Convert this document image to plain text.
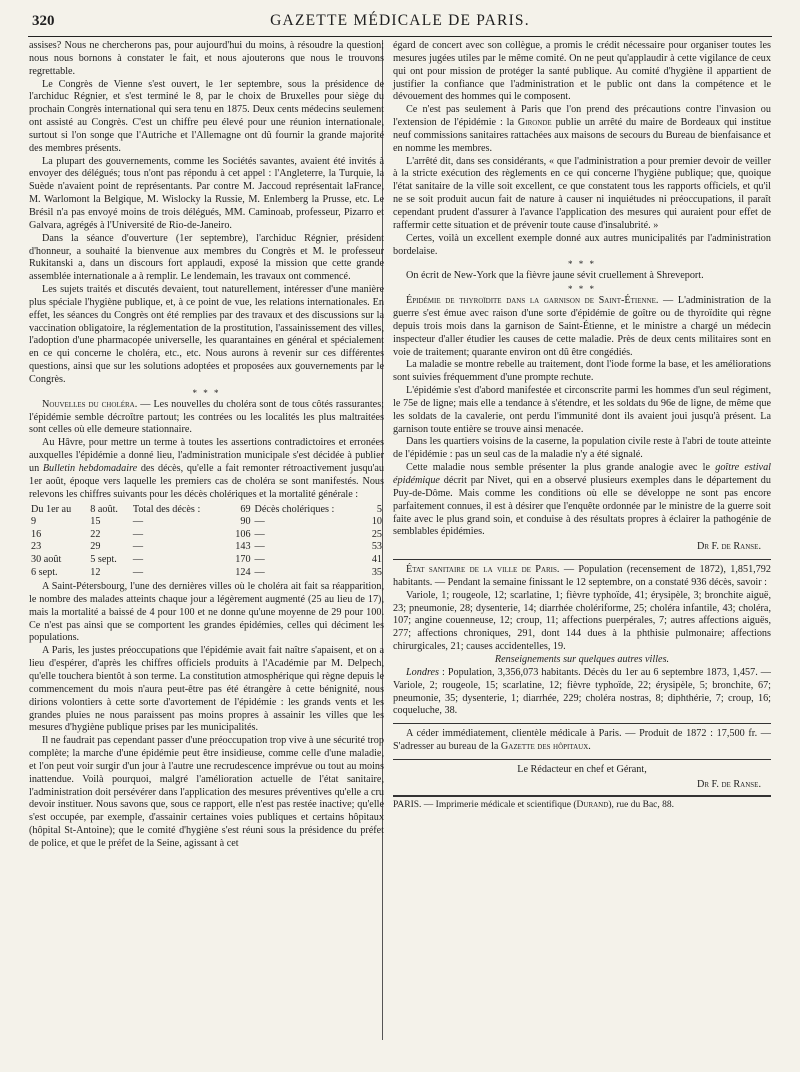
320	GAZETTE MÉDICALE DE PARIS.

assises? Nous ne chercherons pas, pour aujourd'hui du moins, à résoudre la question; nous nous bornons à constater le fait, et nous ajouterons que nous le trouvons regrettable.

Le Congrès de Vienne s'est ouvert, le 1er septembre, sous la présidence de l'archiduc Régnier, et s'est terminé le 8, par le choix de Bruxelles pour siège du prochain Congrès international qui sera tenu en 1875. Deux cents médecins seulement ont assisté au Congrès. C'est un chiffre peu élevé pour une réunion internationale, surtout si l'on songe que l'Autriche et l'Allemagne ont dû fournir la grande majorité des membres présents.

La plupart des gouvernements, comme les Sociétés savantes, avaient été invités à envoyer des délégués; tous n'ont pas répondu à cet appel : l'Angleterre, la Turquie, la Suède n'avaient point de représentants. Par contre M. Jaccoud représentait laFrance, M. Warlomont la Belgique, M. Wislocky la Russie, M. Enlemberg la Prusse, etc. Le Brésil n'a pas envoyé moins de trois délégués, MM. Caminoab, professeur, Pizarro et Galvara, agrégés à l'Université de Rio-de-Janeiro.

Dans la séance d'ouverture (1er septembre), l'archiduc Régnier, président d'honneur, a souhaité la bienvenue aux membres du Congrès et M. le professeur Rukitanski a, dans un discours fort applaudi, exposé la mission que cette grande assemblée internationale a à remplir. Le lendemain, les travaux ont commencé.

Les sujets traités et discutés devaient, tout naturellement, intéresser d'une manière plus spéciale l'hygiène publique, et, à ce point de vue, les relations internationales. En effet, les séances du Congrès ont été remplies par des travaux et des discussions sur la vaccination obligatoire, la réglementation de la prostitution, l'assainissement des villes, l'adoption d'une pharmacopée universelle, les quarantaines en général et spécialement en ce qui concerne le choléra, etc., etc. Nous aurons à revenir sur ces différentes questions, ainsi que sur les solutions adoptées et proposées aux gouvernements par le Congrès.

* * *

Nouvelles du choléra. — Les nouvelles du choléra sont de tous côtés rassurantes; l'épidémie semble décroître partout; les contrées ou les localités les plus maltraitées sont celles où elle demeure stationnaire.

Au Hâvre, pour mettre un terme à toutes les assertions contradictoires et erronées auxquelles l'épidémie a donné lieu, l'administration municipale s'est décidée à publier un Bulletin hebdomadaire des décès, qu'elle a fait remonter rétroactivement jusqu'au 1er août, époque vers laquelle les premiers cas de choléra se sont manifestés. Nous relevons les chiffres suivants pour les décès cholériques et la mortalité générale :

Du 1er au	8 août.	Total des décès :	69	Décès cholériques :	5
9	15	—	90	—	10
16	22	—	106	—	25
23	29	—	143	—	53
30 août	5 sept.	—	170	—	41
6 sept.	12	—	124	—	35

A Saint-Pétersbourg, l'une des dernières villes où le choléra ait fait sa réapparition, le nombre des malades atteints chaque jour a légèrement augmenté (25 au lieu de 17), mais la mortalité a baissé de 4 pour 100 et ne donne qu'une moyenne de 29 pour 100. Ce n'est pas ainsi que se comportent les grandes épidémies, celles qui déciment les populations.

A Paris, les justes préoccupations que l'épidémie avait fait naître s'apaisent, et on a lieu d'espérer, d'après les chiffres officiels produits à l'Académie par M. Delpech, qu'elle touchera bientôt à son terme. La constitution atmosphérique qui règne depuis le commencement du mois n'aura peut-être pas été étrangère à cette bénignité, nous dirions volontiers à cette sorte d'avortement de l'épidémie : les grands vents et les grandes pluies ne nous paraissent pas moins propres à assainir les villes que les mesures d'hygiène publique prises par les municipalités.

Il ne faudrait pas cependant passer d'une préoccupation trop vive à une sécurité trop complète; la marche d'une épidémie peut être insidieuse, comme celle d'une maladie, et l'on peut voir surgir d'un jour à l'autre une recrudescence imprévue ou tout au moins inattendue. Voilà pourquoi, malgré l'amélioration actuelle de l'état sanitaire, l'administration doit persévérer dans l'application des mesures préventives qu'elle a cru devoir instituer. Nous savons que, sous ce rapport, elle n'est pas restée inactive; qu'elle s'est occupée, par exemple, d'assainir certaines voies publiques et certains hôpitaux (hôpital St-Antoine); que le comité d'hygiène s'est réuni sous la présidence du préfet de police, et que le préfet de la Seine, agissant à cet

égard de concert avec son collègue, a promis le crédit nécessaire pour organiser toutes les mesures jugées utiles par le même comité. On ne peut qu'applaudir à cette vigilance de ceux qui ont pour mission de protéger la santé publique. Au comité d'hygiène il appartient de justifier la confiance que l'administration et le public ont dans la compétence et le dévouement des hommes qui le composent.

Ce n'est pas seulement à Paris que l'on prend des précautions contre l'invasion ou l'extension de l'épidémie : la Gironde publie un arrêté du maire de Bordeaux qui institue neuf commissions sanitaires rattachées aux maisons de secours du Bureau de bienfaisance et en nomme les membres.

L'arrêté dit, dans ses considérants, « que l'administration a pour premier devoir de veiller à la stricte exécution des règlements en ce qui concerne l'hygiène publique; que, quoique l'état sanitaire de la ville soit excellent, ce que constatent tous les rapports officiels, et qu'il ne se soit produit aucun fait de nature à causer ni inquiétudes ni préoccupations, il paraît cependant prudent d'assurer à l'avance l'application des mesures qui auraient pour effet de raffermir cette situation et de prévenir toute cause d'insalubrité. »

Certes, voilà un excellent exemple donné aux autres municipalités par l'administration bordelaise.

* * *

On écrit de New-York que la fièvre jaune sévit cruellement à Shreveport.

* * *

Épidémie de thyroïdite dans la garnison de Saint-Étienne. — L'administration de la guerre s'est émue avec raison d'une sorte d'épidémie de goître ou de thyroïdite qui règne depuis trois mois dans la garnison de Saint-Étienne, et le ministre a chargé un médecin inspecteur d'aller étudier les causes de cette maladie. Près de deux cents militaires sont en voie de traitement; quarante environ ont dû être congédiés.

La maladie se montre rebelle au traitement, dont l'iode forme la base, et les améliorations sont suivies fréquemment d'une prompte rechute.

L'épidémie s'est d'abord manifestée et circonscrite parmi les hommes d'un seul régiment, le 75e de ligne; mais elle a tendance à s'étendre, et les soldats du 96e de ligne, de même que les soldats de la cavalerie, ont perdu l'immunité dont ils avaient joui jusqu'à présent. La garnison toute entière se trouve ainsi menacée.

Dans les quartiers voisins de la caserne, la population civile reste à l'abri de toute atteinte de l'épidémie : pas un seul cas de la maladie n'y a été signalé.

Cette maladie nous semble présenter la plus grande analogie avec le goître estival épidémique décrit par Nivet, qui en a observé plusieurs exemples dans le département du Puy-de-Dôme. Mais comme les conditions où elle se développe ne sont pas encore parfaitement connues, il est à désirer que l'enquête ordonnée par le ministre de la guerre soit faite avec le plus grand soin, et conduise à des résultats propres à éclairer la pathogénie de semblables épidémies.

Dr F. de Ranse.

État sanitaire de la ville de Paris. — Population (recensement de 1872), 1,851,792 habitants. — Pendant la semaine finissant le 12 septembre, on a constaté 936 décès, savoir :

Variole, 1; rougeole, 12; scarlatine, 1; fièvre typhoïde, 41; érysipèle, 3; bronchite aiguë, 23; pneumonie, 28; dysenterie, 14; diarrhée cholériforme, 25; choléra infantile, 43; choléra, 107; angine couenneuse, 12; croup, 11; affections puerpérales, 7; autres affections aiguës, 277; affections chroniques, 291, dont 144 dues à la phthisie pulmonaire; affections chirurgicales, 21; causes accidentelles, 19.

Renseignements sur quelques autres villes.

Londres : Population, 3,356,073 habitants. Décès du 1er au 6 septembre 1873, 1,457. — Variole, 2; rougeole, 15; scarlatine, 12; fièvre typhoïde, 22; érysipèle, 5; bronchite, 67; pneumonie, 35; dysenterie, 1; diarrhée, 229; choléra nostras, 8; diphthérie, 7; croup, 16; coqueluche, 38.

A céder immédiatement, clientèle médicale à Paris. — Produit de 1872 : 17,500 fr. — S'adresser au bureau de la Gazette des hôpitaux.

Le Rédacteur en chef et Gérant,

Dr F. de Ranse.

PARIS. — Imprimerie médicale et scientifique (Durand), rue du Bac, 88.
